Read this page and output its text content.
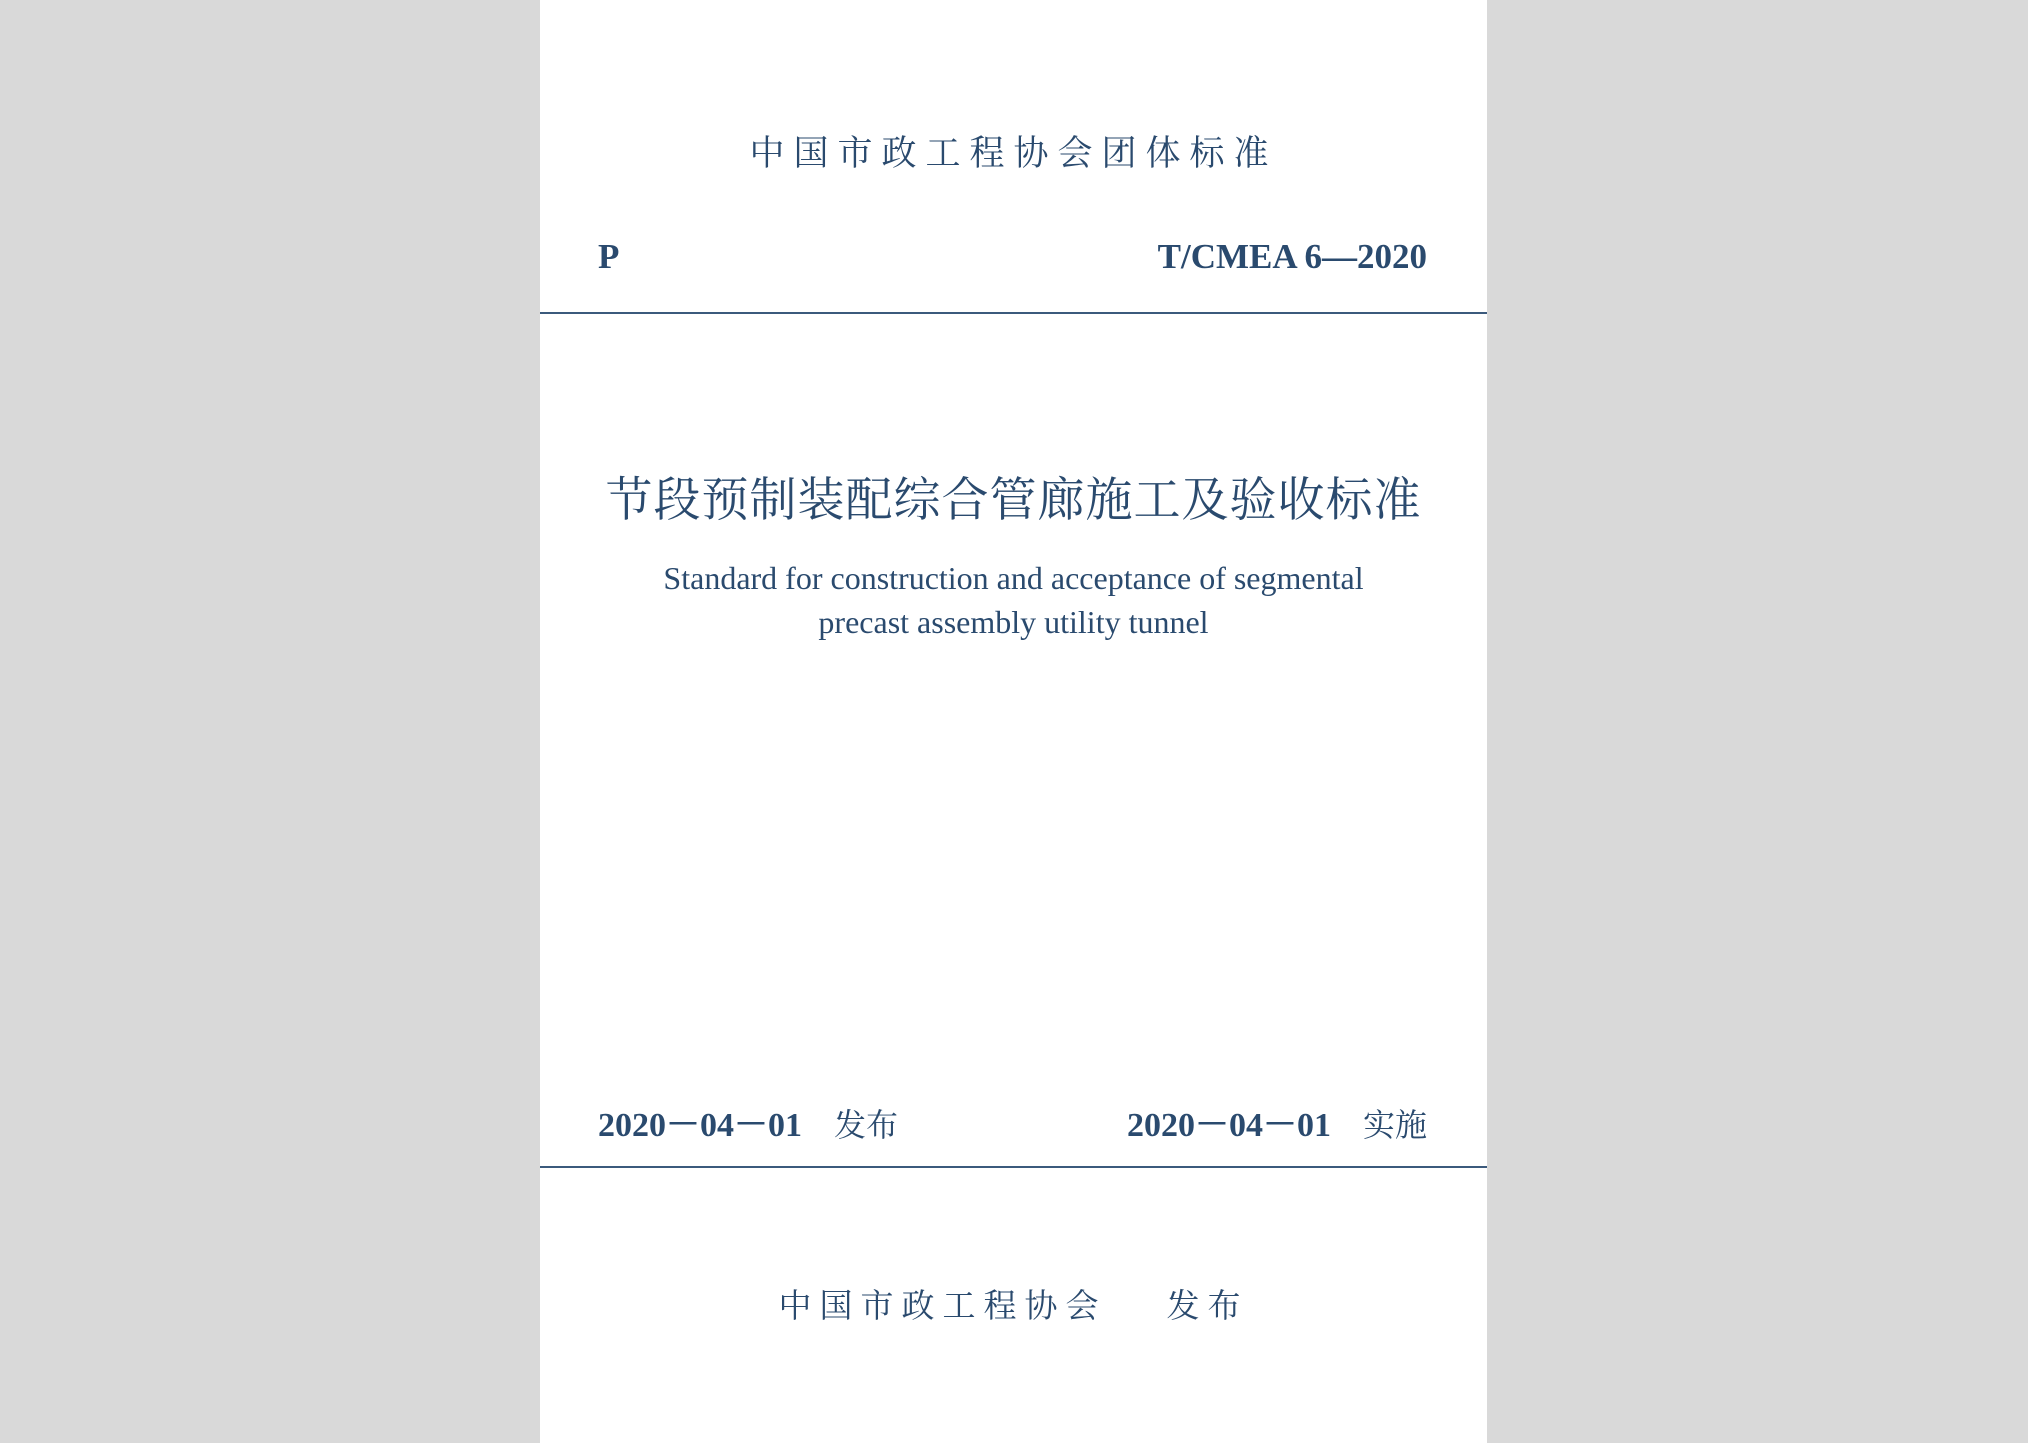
中国市政工程协会团体标准
P	T/CMEA 6—2020
节段预制装配综合管廊施工及验收标准
Standard for construction and acceptance of segmental
precast assembly utility tunnel
2020－04－01 发布	2020－04－01 实施
中国市政工程协会 发布
